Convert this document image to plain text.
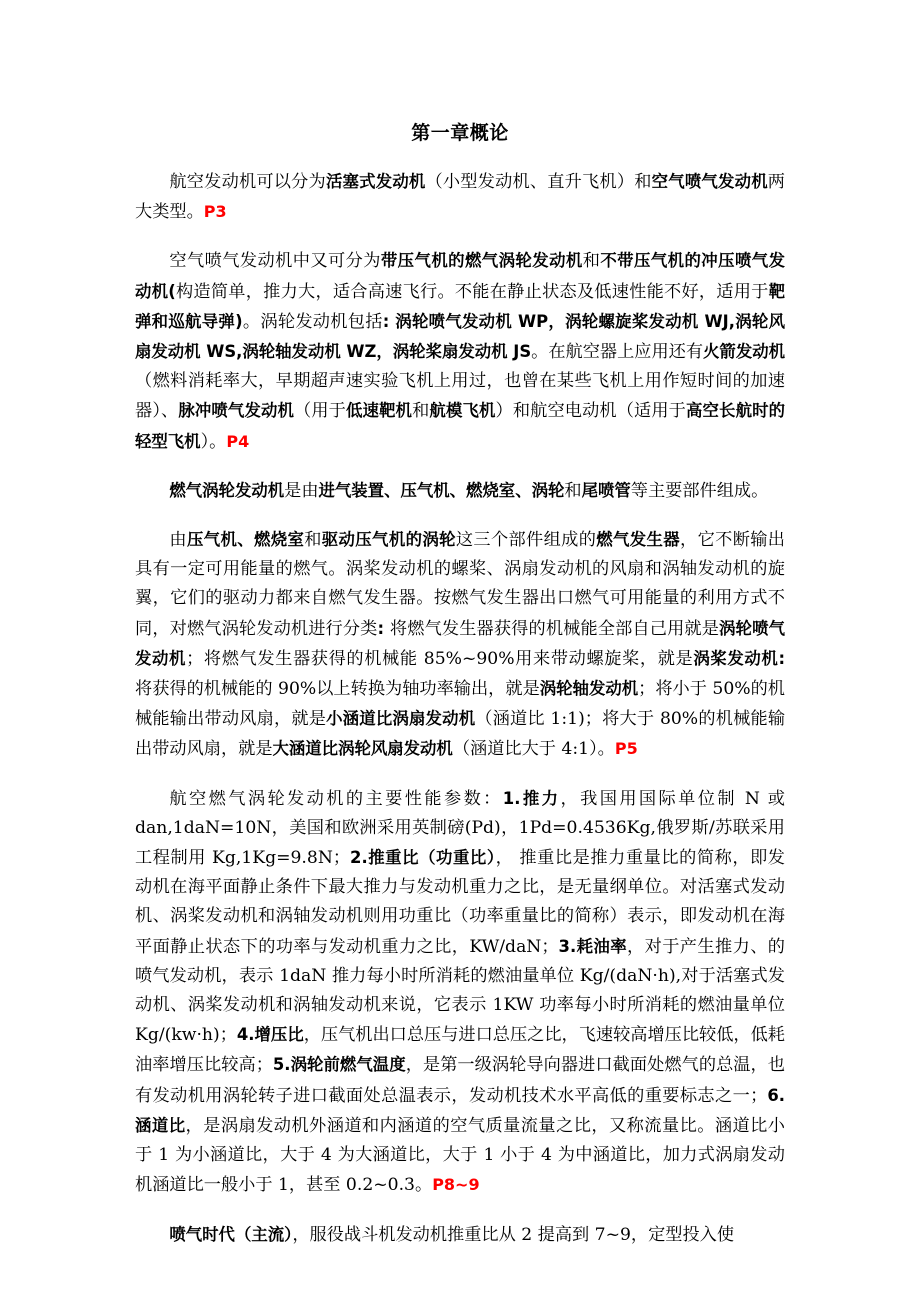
第一章概论

航空发动机可以分为活塞式发动机（小型发动机、直升飞机）和空气喷气发动机两大类型。P3

空气喷气发动机中又可分为带压气机的燃气涡轮发动机和不带压气机的冲压喷气发动机(构造简单，推力大，适合高速飞行。不能在静止状态及低速性能不好，适用于靶弹和巡航导弹)。涡轮发动机包括: 涡轮喷气发动机 WP，涡轮螺旋桨发动机 WJ,涡轮风扇发动机 WS,涡轮轴发动机 WZ，涡轮桨扇发动机 JS。在航空器上应用还有火箭发动机（燃料消耗率大，早期超声速实验飞机上用过，也曾在某些飞机上用作短时间的加速器）、脉冲喷气发动机（用于低速靶机和航模飞机）和航空电动机（适用于高空长航时的轻型飞机）。P4

燃气涡轮发动机是由进气装置、压气机、燃烧室、涡轮和尾喷管等主要部件组成。

由压气机、燃烧室和驱动压气机的涡轮这三个部件组成的燃气发生器，它不断输出具有一定可用能量的燃气。涡桨发动机的螺桨、涡扇发动机的风扇和涡轴发动机的旋翼，它们的驱动力都来自燃气发生器。按燃气发生器出口燃气可用能量的利用方式不同，对燃气涡轮发动机进行分类: 将燃气发生器获得的机械能全部自己用就是涡轮喷气发动机；将燃气发生器获得的机械能 85%~90%用来带动螺旋桨，就是涡桨发动机: 将获得的机械能的 90%以上转换为轴功率输出，就是涡轮轴发动机；将小于 50%的机械能输出带动风扇，就是小涵道比涡扇发动机（涵道比 1:1)；将大于 80%的机械能输出带动风扇，就是大涵道比涡轮风扇发动机（涵道比大于 4:1）。P5

航空燃气涡轮发动机的主要性能参数：1.推力，我国用国际单位制 N 或 dan,1daN=10N，美国和欧洲采用英制磅(Pd)，1Pd=0.4536Kg,俄罗斯/苏联采用工程制用 Kg,1Kg=9.8N；2.推重比（功重比）， 推重比是推力重量比的简称，即发动机在海平面静止条件下最大推力与发动机重力之比，是无量纲单位。对活塞式发动机、涡桨发动机和涡轴发动机则用功重比（功率重量比的简称）表示，即发动机在海平面静止状态下的功率与发动机重力之比，KW/daN；3.耗油率，对于产生推力、的喷气发动机，表示 1daN 推力每小时所消耗的燃油量单位 Kg/(daN·h),对于活塞式发动机、涡桨发动机和涡轴发动机来说，它表示 1KW 功率每小时所消耗的燃油量单位 Kg/(kw·h)；4.增压比，压气机出口总压与进口总压之比，飞速较高增压比较低，低耗油率增压比较高；5.涡轮前燃气温度，是第一级涡轮导向器进口截面处燃气的总温，也有发动机用涡轮转子进口截面处总温表示，发动机技术水平高低的重要标志之一；6.涵道比，是涡扇发动机外涵道和内涵道的空气质量流量之比，又称流量比。涵道比小于 1 为小涵道比，大于 4 为大涵道比，大于 1 小于 4 为中涵道比，加力式涡扇发动机涵道比一般小于 1，甚至 0.2~0.3。P8~9

喷气时代（主流），服役战斗机发动机推重比从 2 提高到 7~9，定型投入使
